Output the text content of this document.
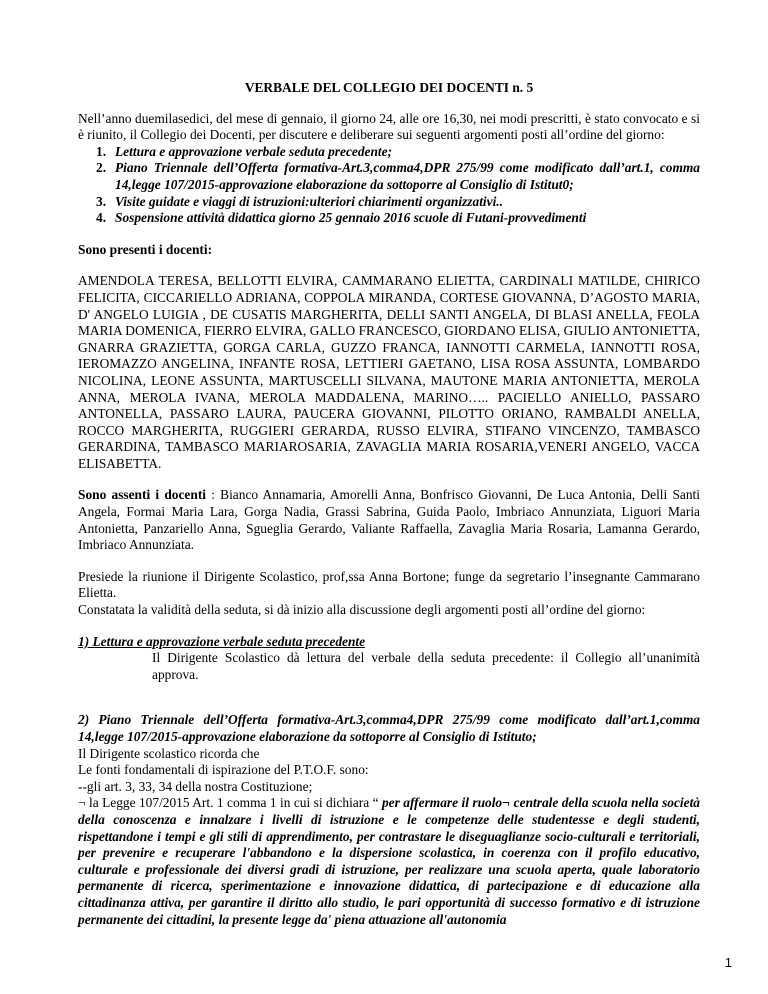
VERBALE DEL COLLEGIO DEI DOCENTI n. 5

Nell’anno duemilasedici, del mese di gennaio, il giorno 24, alle ore 16,30, nei modi prescritti, è stato convocato e si è riunito, il Collegio dei Docenti, per discutere e deliberare sui seguenti argomenti posti all’ordine del giorno:

1. Lettura e approvazione verbale seduta precedente;
2. Piano Triennale dell’Offerta formativa-Art.3,comma4,DPR 275/99 come modificato dall’art.1, comma 14,legge 107/2015-approvazione elaborazione da sottoporre al Consiglio di Istitut0;
3. Visite guidate e viaggi di istruzioni:ulteriori chiarimenti organizzativi..
4. Sospensione attività didattica giorno 25 gennaio 2016 scuole di Futani-provvedimenti

Sono presenti i docenti:

AMENDOLA TERESA, BELLOTTI ELVIRA, CAMMARANO ELIETTA, CARDINALI MATILDE, CHIRICO FELICITA, CICCARIELLO ADRIANA, COPPOLA MIRANDA, CORTESE GIOVANNA, D’AGOSTO MARIA, D' ANGELO LUIGIA , DE CUSATIS MARGHERITA, DELLI SANTI ANGELA, DI BLASI ANELLA, FEOLA MARIA DOMENICA, FIERRO ELVIRA, GALLO FRANCESCO, GIORDANO ELISA, GIULIO ANTONIETTA, GNARRA GRAZIETTA, GORGA CARLA, GUZZO FRANCA, IANNOTTI CARMELA, IANNOTTI ROSA, IEROMAZZO ANGELINA, INFANTE ROSA, LETTIERI GAETANO, LISA ROSA ASSUNTA, LOMBARDO NICOLINA, LEONE ASSUNTA, MARTUSCELLI SILVANA, MAUTONE MARIA ANTONIETTA, MEROLA ANNA, MEROLA IVANA, MEROLA MADDALENA, MARINO….. PACIELLO ANIELLO, PASSARO ANTONELLA, PASSARO LAURA, PAUCERA GIOVANNI, PILOTTO ORIANO, RAMBALDI ANELLA, ROCCO MARGHERITA, RUGGIERI GERARDA, RUSSO ELVIRA, STIFANO VINCENZO, TAMBASCO GERARDINA, TAMBASCO MARIAROSARIA, ZAVAGLIA MARIA ROSARIA,VENERI ANGELO, VACCA ELISABETTA.

Sono assenti i docenti : Bianco Annamaria, Amorelli Anna, Bonfrisco Giovanni, De Luca Antonia, Delli Santi Angela, Formai Maria Lara, Gorga Nadia, Grassi Sabrina, Guida Paolo, Imbriaco Annunziata, Liguori Maria Antonietta, Panzariello Anna, Sgueglia Gerardo, Valiante Raffaella, Zavaglia Maria Rosaria, Lamanna Gerardo, Imbriaco Annunziata.

Presiede la riunione il Dirigente Scolastico, prof,ssa Anna Bortone; funge da segretario l’insegnante Cammarano Elietta.

Constatata la validità della seduta, si dà inizio alla discussione degli argomenti posti all’ordine del giorno:

1) Lettura e approvazione verbale seduta precedente

Il Dirigente Scolastico dà lettura del verbale della seduta precedente: il Collegio all’unanimità approva.

2) Piano Triennale dell’Offerta formativa-Art.3,comma4,DPR 275/99 come modificato dall’art.1,comma 14,legge 107/2015-approvazione elaborazione da sottoporre al Consiglio di Istituto;

Il Dirigente scolastico ricorda che

Le fonti fondamentali di ispirazione del P.T.O.F. sono:

--gli art. 3, 33, 34 della nostra Costituzione;

¬ la Legge 107/2015 Art. 1 comma 1 in cui si dichiara “ per affermare il ruolo¬ centrale della scuola nella società della conoscenza e innalzare i livelli di istruzione e le competenze delle studentesse e degli studenti, rispettandone i tempi e gli stili di apprendimento, per contrastare le diseguaglianze socio-culturali e territoriali, per prevenire e recuperare l'abbandono e la dispersione scolastica, in coerenza con il profilo educativo, culturale e professionale dei diversi gradi di istruzione, per realizzare una scuola aperta, quale laboratorio permanente di ricerca, sperimentazione e innovazione didattica, di partecipazione e di educazione alla cittadinanza attiva, per garantire il diritto allo studio, le pari opportunità di successo formativo e di istruzione permanente dei cittadini, la presente legge da' piena attuazione all'autonomia

1
